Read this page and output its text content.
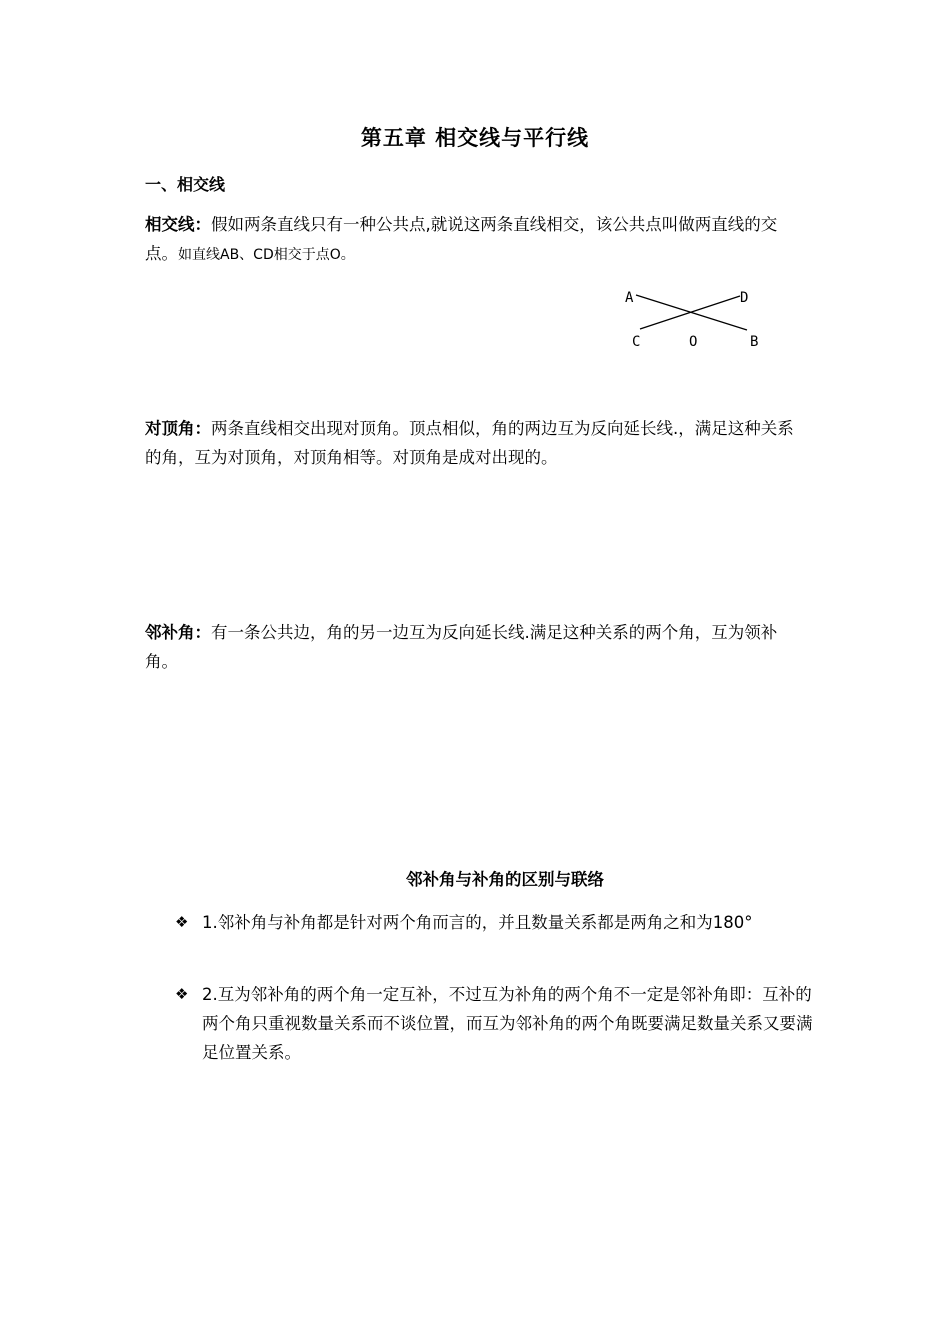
第五章 相交线与平行线
一、相交线
相交线：假如两条直线只有一种公共点,就说这两条直线相交，该公共点叫做两直线的交点。如直线AB、CD相交于点O。
A	D
C	O	B
对顶角：两条直线相交出现对顶角。顶点相似，角的两边互为反向延长线.，满足这种关系的角，互为对顶角，对顶角相等。对顶角是成对出现的。
邻补角：有一条公共边，角的另一边互为反向延长线.满足这种关系的两个角，互为领补角。
邻补角与补角的区别与联络
❖ 1.邻补角与补角都是针对两个角而言的，并且数量关系都是两角之和为180°
❖ 2.互为邻补角的两个角一定互补，不过互为补角的两个角不一定是邻补角即：互补的两个角只重视数量关系而不谈位置，而互为邻补角的两个角既要满足数量关系又要满足位置关系。
